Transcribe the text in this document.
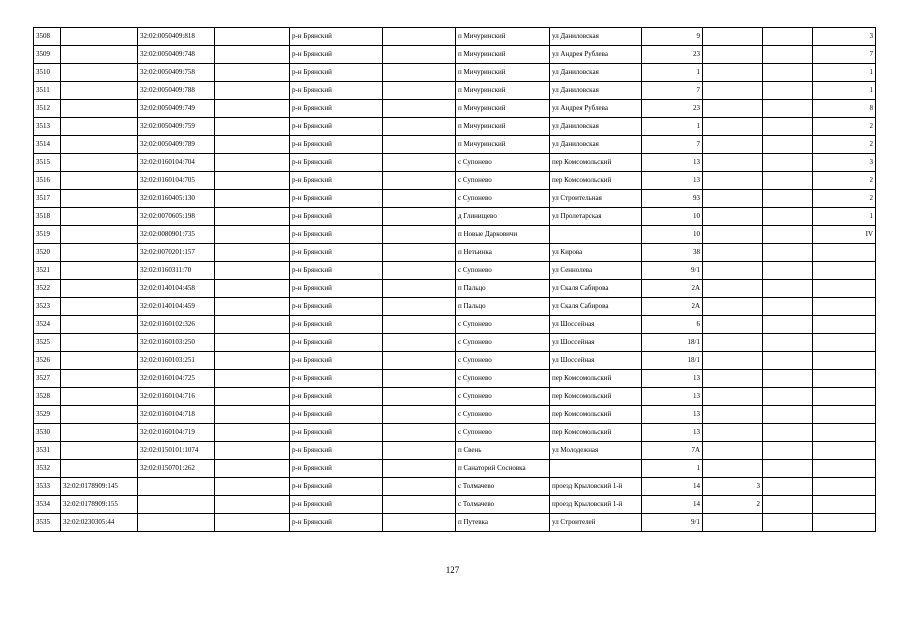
3508		32:02:0050409:818		р-н Брянский		п Мичуринский	ул Даниловская	9			3
3509		32:02:0050409:748		р-н Брянский		п Мичуринский	ул Андрея Рублева	23			7
3510		32:02:0050409:758		р-н Брянский		п Мичуринский	ул Даниловская	1			1
3511		32:02:0050409:788		р-н Брянский		п Мичуринский	ул Даниловская	7			1
3512		32:02:0050409:749		р-н Брянский		п Мичуринский	ул Андрея Рублева	23			8
3513		32:02:0050409:759		р-н Брянский		п Мичуринский	ул Даниловская	1			2
3514		32:02:0050409:789		р-н Брянский		п Мичуринский	ул Даниловская	7			2
3515		32:02:0160104:704		р-н Брянский		с Супонево	пер Комсомольский	13			3
3516		32:02:0160104:705		р-н Брянский		с Супонево	пер Комсомольский	13			2
3517		32:02:0160405:130		р-н Брянский		с Супонево	ул Строительная	93			2
3518		32:02:0070605:198		р-н Брянский		д Глинищево	ул Пролетарская	10			1
3519		32:02:0080901:735		р-н Брянский		п Новые Дарковичи		10			IV
3520		32:02:0070201:157		р-н Брянский		п Нетьинка	ул Кирова	38			
3521		32:02:0160311:70		р-н Брянский		с Супонево	ул Сеннолева	9/1			
3522		32:02:0140104:458		р-н Брянский		п Пальцо	ул Скаля Сабирова	2А			
3523		32:02:0140104:459		р-н Брянский		п Пальцо	ул Скаля Сабирова	2А			
3524		32:02:0160102:326		р-н Брянский		с Супонево	ул Шоссейная	6			
3525		32:02:0160103:250		р-н Брянский		с Супонево	ул Шоссейная	18/1			
3526		32:02:0160103:251		р-н Брянский		с Супонево	ул Шоссейная	18/1			
3527		32:02:0160104:725		р-н Брянский		с Супонево	пер Комсомольский	13			
3528		32:02:0160104:716		р-н Брянский		с Супонево	пер Комсомольский	13			
3529		32:02:0160104:718		р-н Брянский		с Супонево	пер Комсомольский	13			
3530		32:02:0160104:719		р-н Брянский		с Супонево	пер Комсомольский	13			
3531		32:02:0150101:1074		р-н Брянский		п Свень	ул Молодежная	7А			
3532		32:02:0150701:262		р-н Брянский		п Санаторий Сосновка		1			
3533	32:02:0178909:145			р-н Брянский		с Толмачево	проезд Крыловский 1-й	14	3		
3534	32:02:0178909:155			р-н Брянский		с Толмачево	проезд Крыловский 1-й	14	2		
3535	32:02:0230305:44			р-н Брянский		п Путевка	ул Строителей	9/1			
127
